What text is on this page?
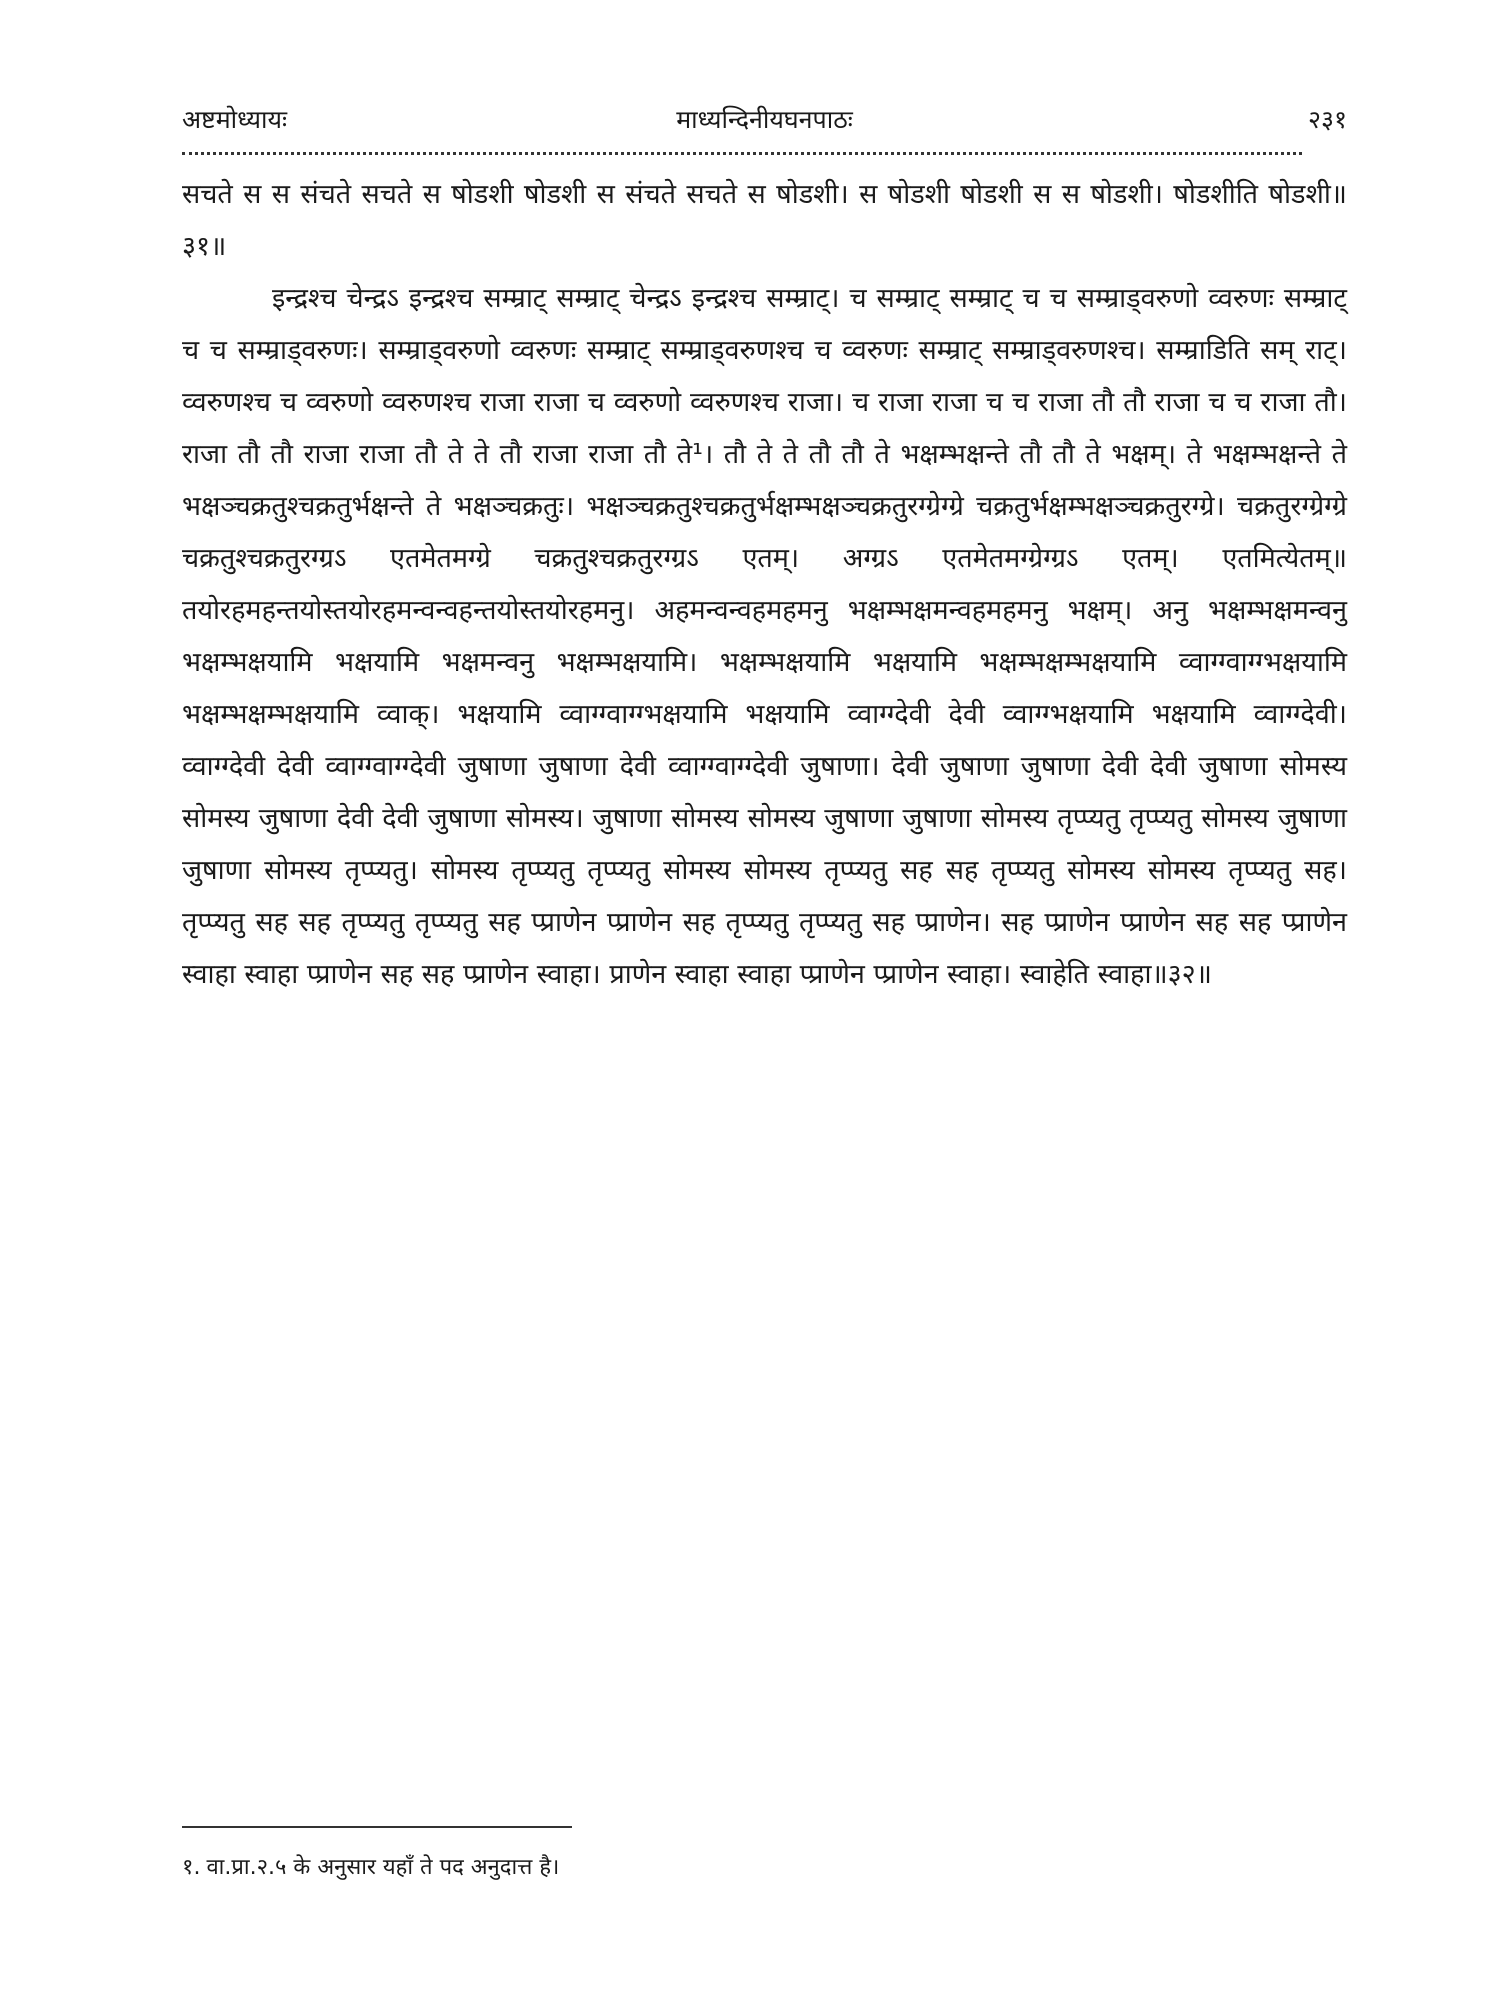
अष्टमोध्यायः	माध्यन्दिनीयघनपाठः	२३१

सचते स स संचते सचते स षोडशी षोडशी स संचते सचते स षोडशी। स षोडशी षोडशी स स षोडशी। षोडशीति षोडशी॥३१॥

इन्द्रश्च चेन्द्रऽ इन्द्रश्च सम्म्राट् सम्म्राट् चेन्द्रऽ इन्द्रश्च सम्म्राट्। च सम्म्राट् सम्म्राट् च च सम्म्राड्वरुणो व्वरुणः सम्म्राट् च च सम्म्राड्वरुणः। सम्म्राड्वरुणो व्वरुणः सम्म्राट् सम्म्राड्वरुणश्च च व्वरुणः सम्म्राट् सम्म्राड्वरुणश्च। सम्म्राडिति सम् राट्। व्वरुणश्च च व्वरुणो व्वरुणश्च राजा राजा च व्वरुणो व्वरुणश्च राजा। च राजा राजा च च राजा तौ तौ राजा च च राजा तौ। राजा तौ तौ राजा राजा तौ ते ते तौ राजा राजा तौ ते¹। तौ ते ते तौ तौ ते भक्षम्भक्षन्ते तौ तौ ते भक्षम्। ते भक्षम्भक्षन्ते ते भक्षञ्चक्रतुश्चक्रतुर्भक्षन्ते ते भक्षञ्चक्रतुः। भक्षञ्चक्रतुश्चक्रतुर्भक्षम्भक्षञ्चक्रतुरग्ग्रेग्ग्रे चक्रतुर्भक्षम्भक्षञ्चक्रतुरग्ग्रे। चक्रतुरग्ग्रेग्ग्रे चक्रतुश्चक्रतुरग्ग्रऽ एतमेतमग्ग्रे चक्रतुश्चक्रतुरग्ग्रऽ एतम्। अग्ग्रऽ एतमेतमग्ग्रेग्ग्रऽ एतम्। एतमित्येतम्॥ तयोरहमहन्तयोस्तयोरहमन्वन्वहन्तयोस्तयोरहमनु। अहमन्वन्वहमहमनु भक्षम्भक्षमन्वहमहमनु भक्षम्। अनु भक्षम्भक्षमन्वनु भक्षम्भक्षयामि भक्षयामि भक्षमन्वनु भक्षम्भक्षयामि। भक्षम्भक्षयामि भक्षयामि भक्षम्भक्षम्भक्षयामि व्वाग्ग्वाग्ग्भक्षयामि भक्षम्भक्षम्भक्षयामि व्वाक्। भक्षयामि व्वाग्ग्वाग्ग्भक्षयामि भक्षयामि व्वाग्ग्देवी देवी व्वाग्ग्भक्षयामि भक्षयामि व्वाग्ग्देवी। व्वाग्ग्देवी देवी व्वाग्ग्वाग्ग्देवी जुषाणा जुषाणा देवी व्वाग्ग्वाग्ग्देवी जुषाणा। देवी जुषाणा जुषाणा देवी देवी जुषाणा सोमस्य सोमस्य जुषाणा देवी देवी जुषाणा सोमस्य। जुषाणा सोमस्य सोमस्य जुषाणा जुषाणा सोमस्य तृप्प्यतु तृप्प्यतु सोमस्य जुषाणा जुषाणा सोमस्य तृप्प्यतु। सोमस्य तृप्प्यतु तृप्प्यतु सोमस्य सोमस्य तृप्प्यतु सह सह तृप्प्यतु सोमस्य सोमस्य तृप्प्यतु सह। तृप्प्यतु सह सह तृप्प्यतु तृप्प्यतु सह प्प्राणेन प्प्राणेन सह तृप्प्यतु तृप्प्यतु सह प्प्राणेन। सह प्प्राणेन प्प्राणेन सह सह प्प्राणेन स्वाहा स्वाहा प्प्राणेन सह सह प्प्राणेन स्वाहा। प्राणेन स्वाहा स्वाहा प्प्राणेन प्प्राणेन स्वाहा। स्वाहेति स्वाहा॥३२॥

१. वा.प्रा.२.५ के अनुसार यहाँ ते पद अनुदात्त है।
